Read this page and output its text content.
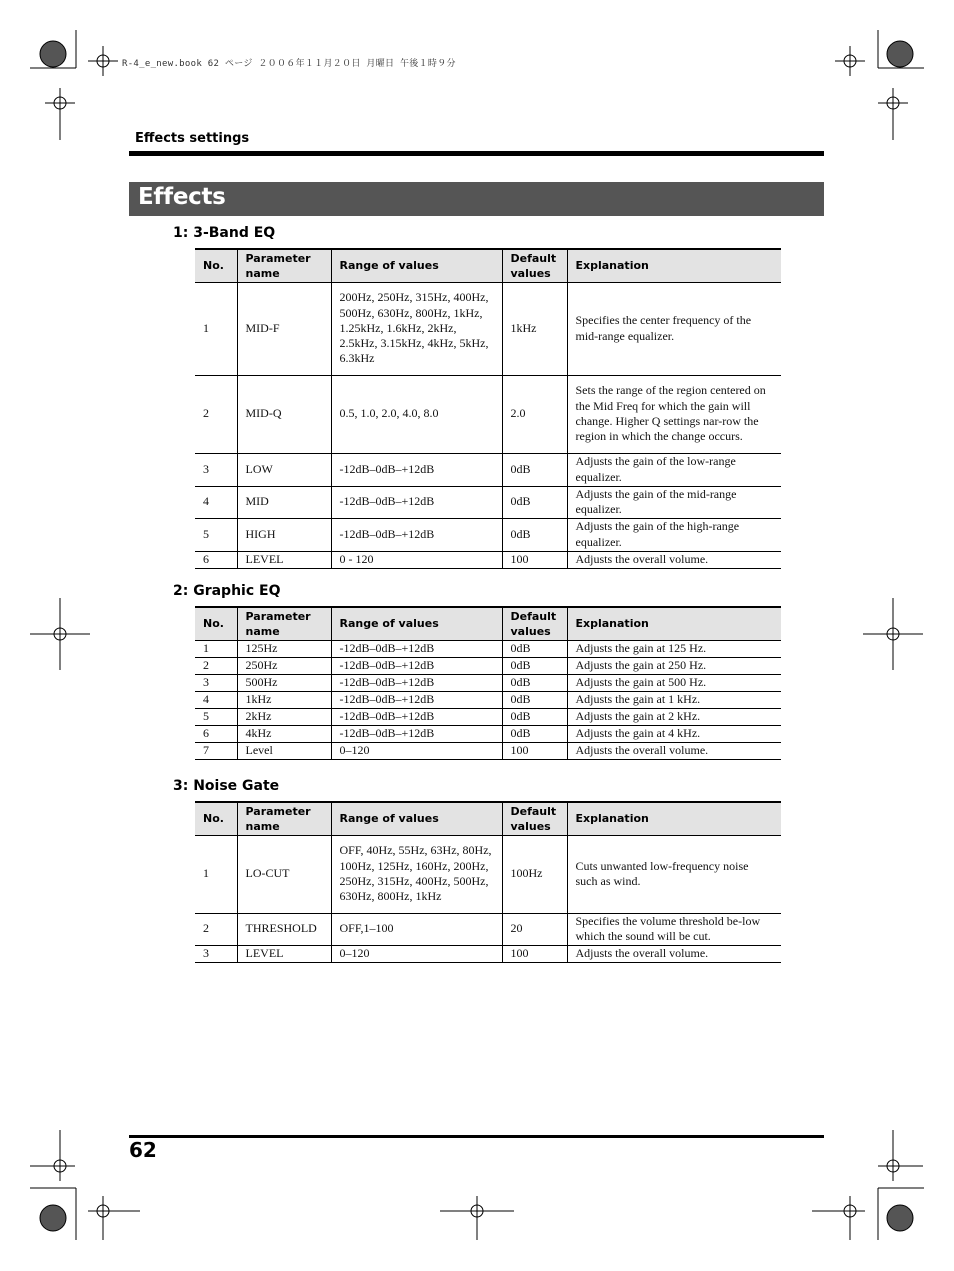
R-4_e_new.book 62 ページ ２００６年１１月２０日 月曜日 午後１時９分
Effects settings
Effects
1: 3-Band EQ
No.	Parameter name	Range of values	Default values	Explanation
1	MID-F	200Hz, 250Hz, 315Hz, 400Hz, 500Hz, 630Hz, 800Hz, 1kHz, 1.25kHz, 1.6kHz, 2kHz, 2.5kHz, 3.15kHz, 4kHz, 5kHz, 6.3kHz	1kHz	Specifies the center frequency of the mid-range equalizer.
2	MID-Q	0.5, 1.0, 2.0, 4.0, 8.0	2.0	Sets the range of the region centered on the Mid Freq for which the gain will change. Higher Q settings nar-row the region in which the change occurs.
3	LOW	-12dB–0dB–+12dB	0dB	Adjusts the gain of the low-range equalizer.
4	MID	-12dB–0dB–+12dB	0dB	Adjusts the gain of the mid-range equalizer.
5	HIGH	-12dB–0dB–+12dB	0dB	Adjusts the gain of the high-range equalizer.
6	LEVEL	0 - 120	100	Adjusts the overall volume.
2: Graphic EQ
No.	Parameter name	Range of values	Default values	Explanation
1	125Hz	-12dB–0dB–+12dB	0dB	Adjusts the gain at 125 Hz.
2	250Hz	-12dB–0dB–+12dB	0dB	Adjusts the gain at 250 Hz.
3	500Hz	-12dB–0dB–+12dB	0dB	Adjusts the gain at 500 Hz.
4	1kHz	-12dB–0dB–+12dB	0dB	Adjusts the gain at 1 kHz.
5	2kHz	-12dB–0dB–+12dB	0dB	Adjusts the gain at 2 kHz.
6	4kHz	-12dB–0dB–+12dB	0dB	Adjusts the gain at 4 kHz.
7	Level	0–120	100	Adjusts the overall volume.
3: Noise Gate
No.	Parameter name	Range of values	Default values	Explanation
1	LO-CUT	OFF, 40Hz, 55Hz, 63Hz, 80Hz, 100Hz, 125Hz, 160Hz, 200Hz, 250Hz, 315Hz, 400Hz, 500Hz, 630Hz, 800Hz, 1kHz	100Hz	Cuts unwanted low-frequency noise such as wind.
2	THRESHOLD	OFF,1–100	20	Specifies the volume threshold be-low which the sound will be cut.
3	LEVEL	0–120	100	Adjusts the overall volume.
62
